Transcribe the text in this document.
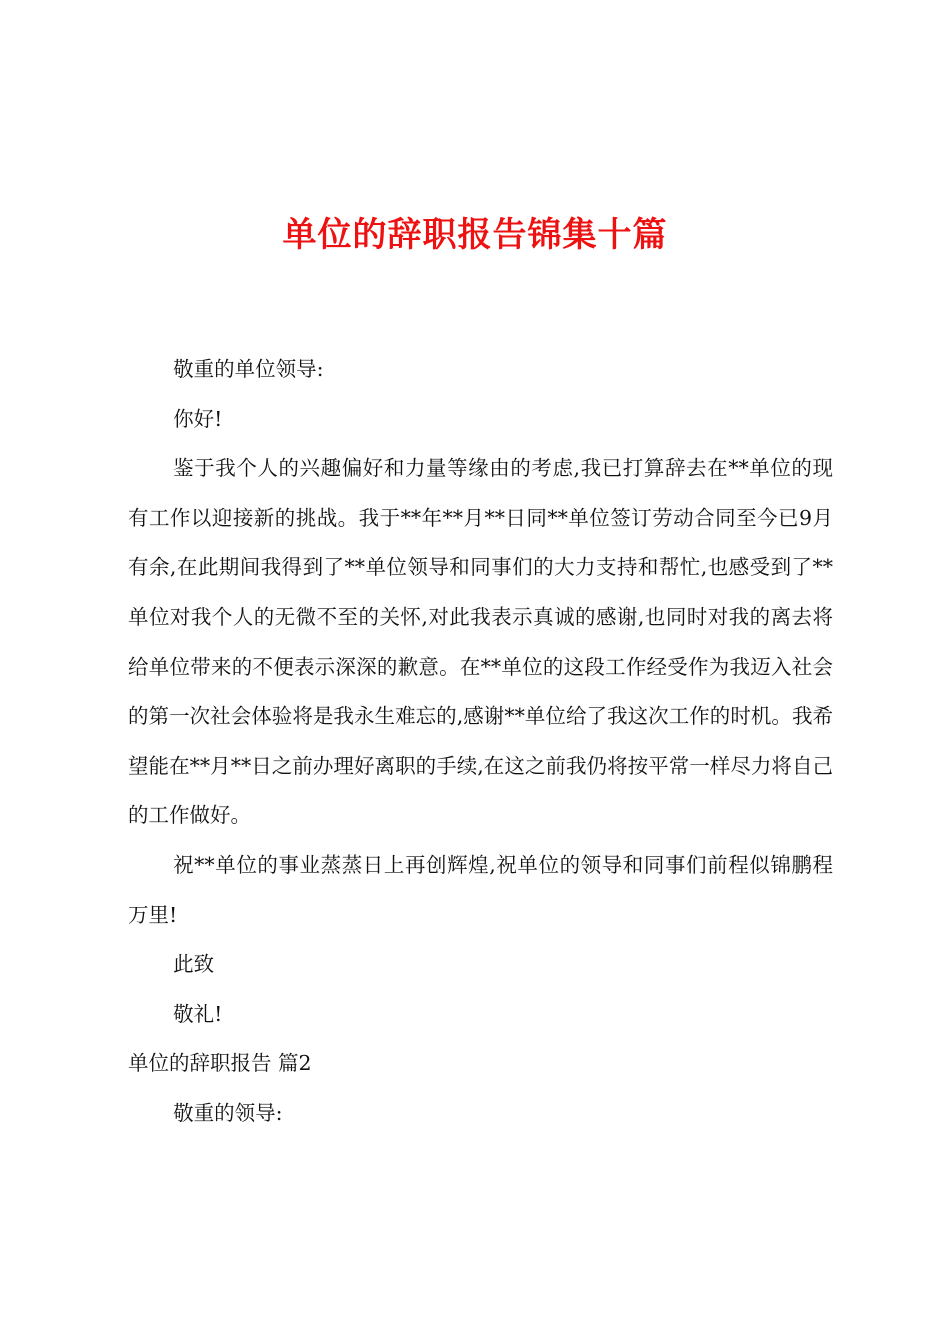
单位的辞职报告锦集十篇

敬重的单位领导:

你好!

鉴于我个人的兴趣偏好和力量等缘由的考虑,我已打算辞去在**单位的现有工作以迎接新的挑战。我于**年**月**日同**单位签订劳动合同至今已9月有余,在此期间我得到了**单位领导和同事们的大力支持和帮忙,也感受到了**单位对我个人的无微不至的关怀,对此我表示真诚的感谢,也同时对我的离去将给单位带来的不便表示深深的歉意。在**单位的这段工作经受作为我迈入社会的第一次社会体验将是我永生难忘的,感谢**单位给了我这次工作的时机。我希望能在**月**日之前办理好离职的手续,在这之前我仍将按平常一样尽力将自己的工作做好。

祝**单位的事业蒸蒸日上再创辉煌,祝单位的领导和同事们前程似锦鹏程万里!

此致

敬礼!

单位的辞职报告 篇2

敬重的领导:
